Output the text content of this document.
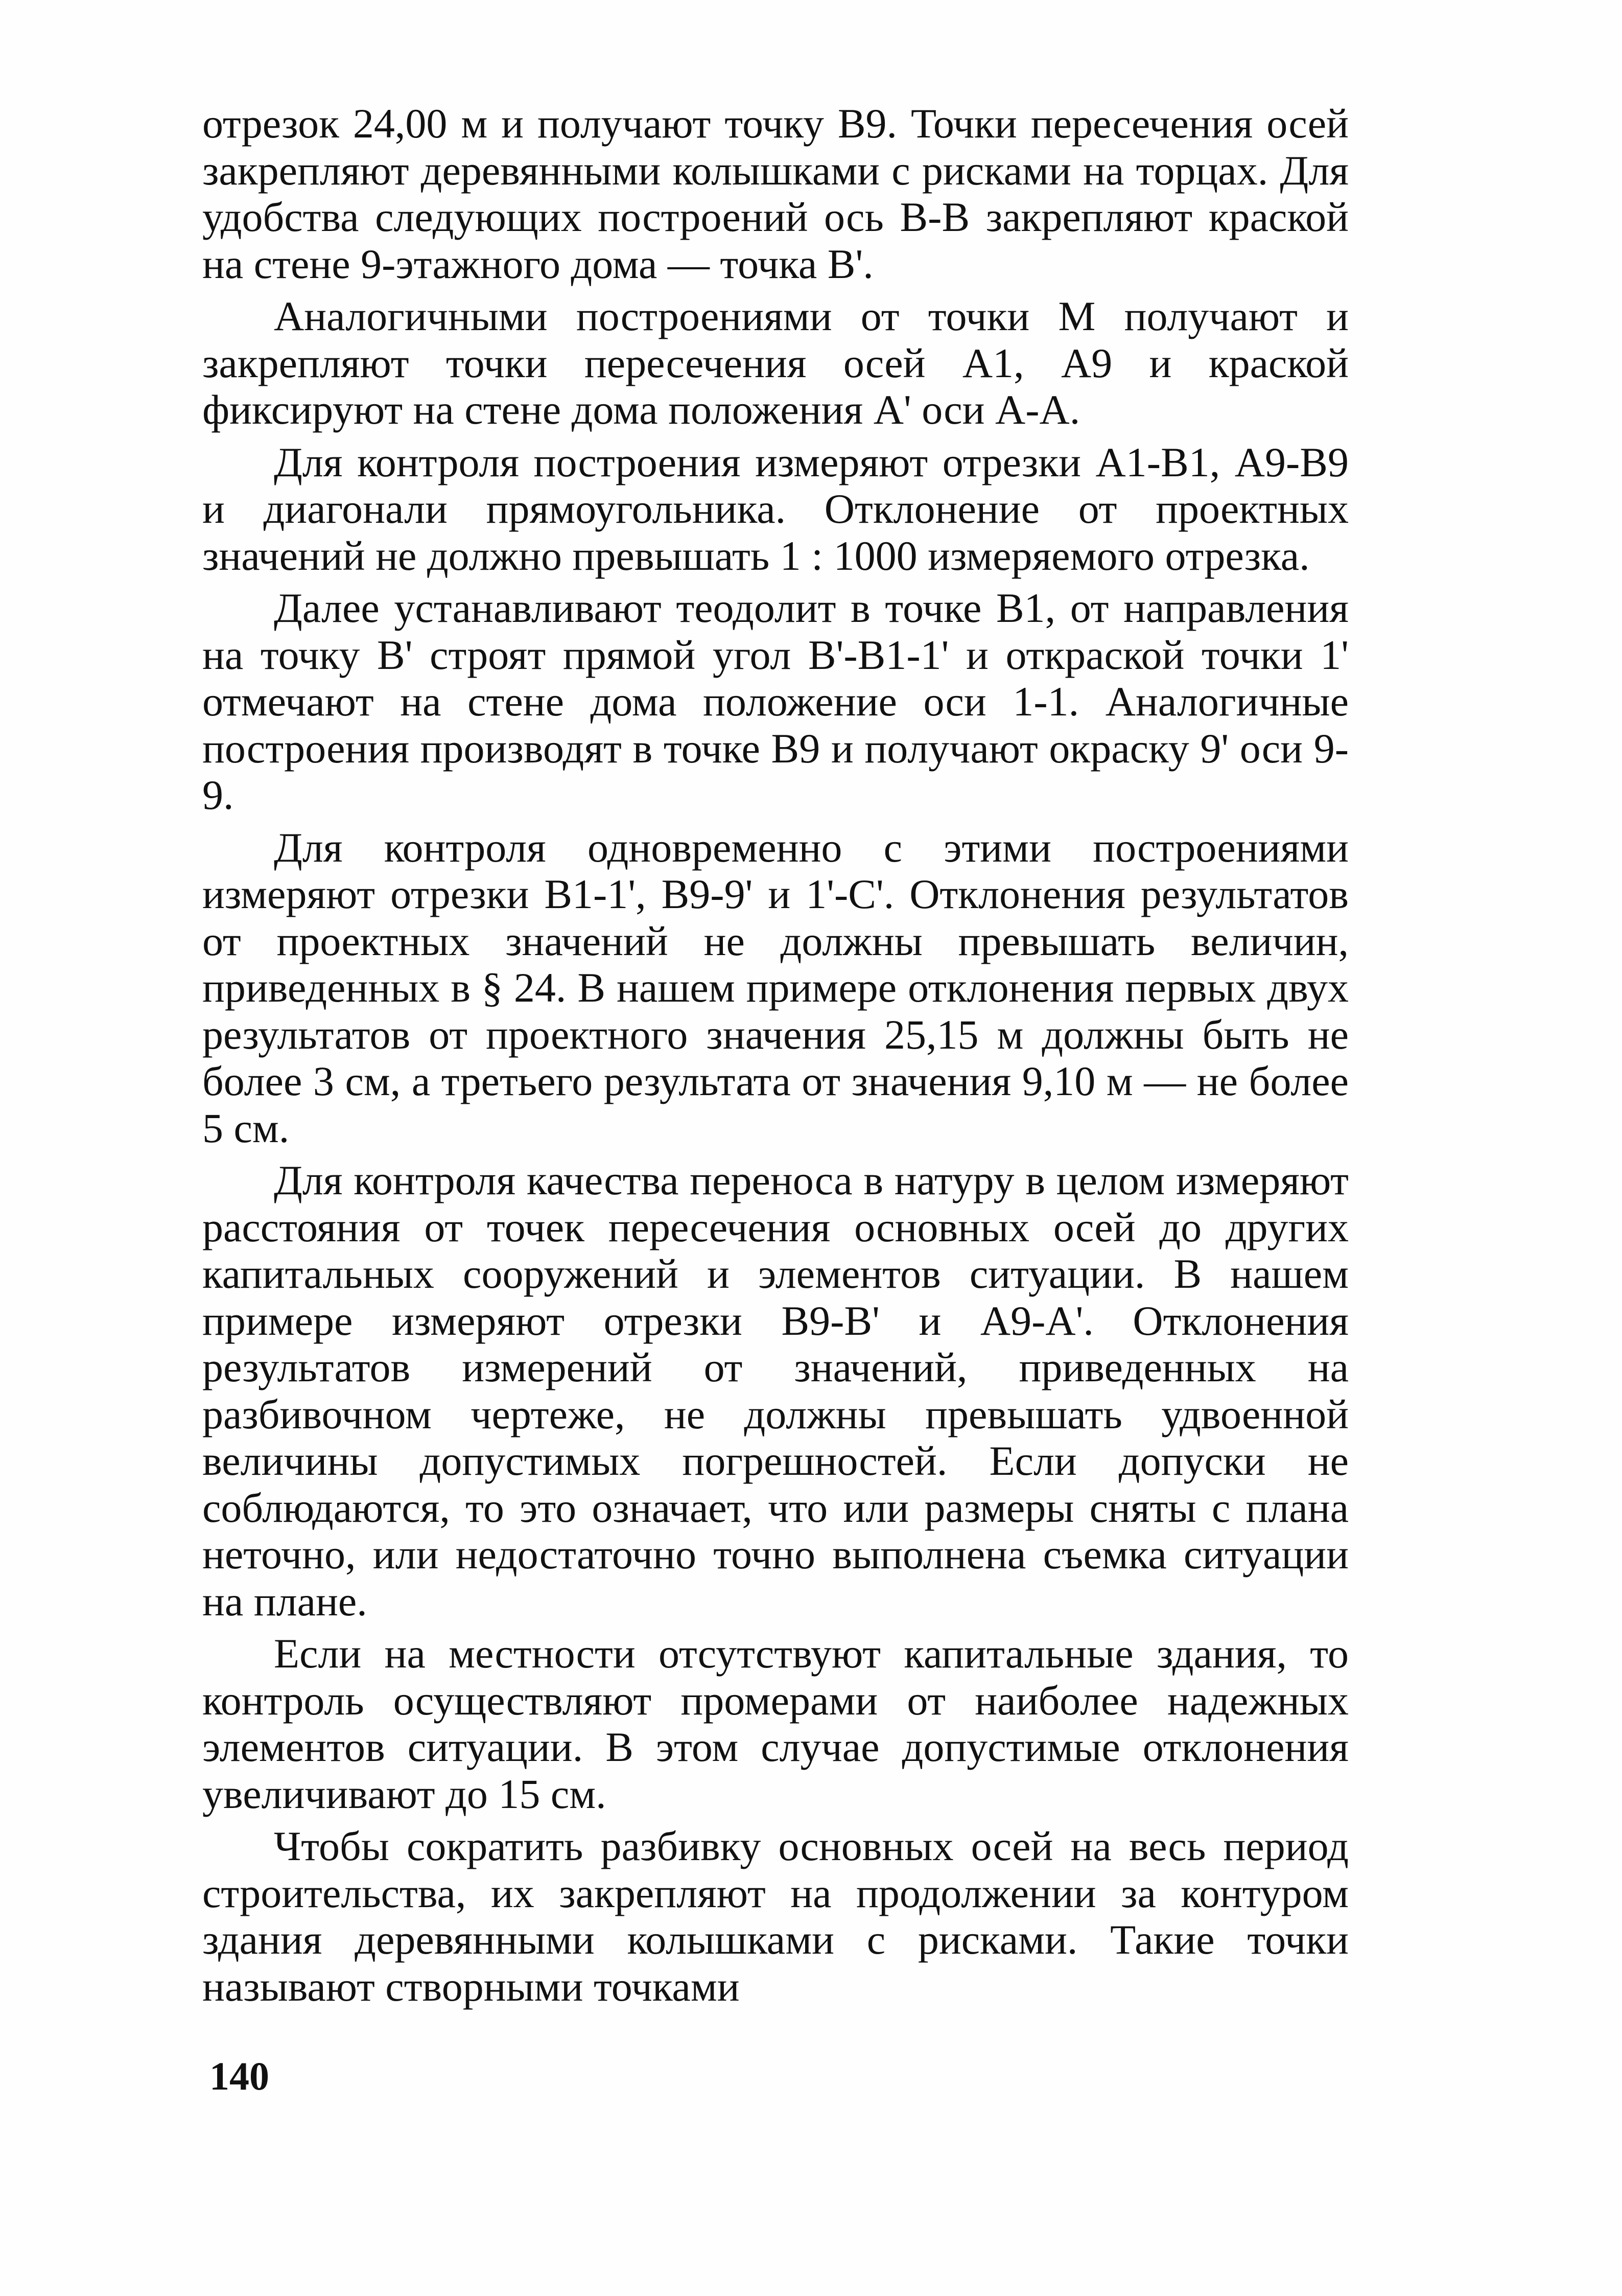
отрезок 24,00 м и получают точку В9. Точки пересечения осей закрепляют деревянными колышками с рисками на торцах. Для удобства следующих построений ось В-В закрепляют краской на стене 9-этажного дома — точка В'.

Аналогичными построениями от точки М получают и закрепляют точки пересечения осей А1, А9 и краской фиксируют на стене дома положения А' оси А-А.

Для контроля построения измеряют отрезки А1-В1, А9-В9 и диагонали прямоугольника. Отклонение от проектных значений не должно превышать 1 : 1000 измеряемого отрезка.

Далее устанавливают теодолит в точке В1, от направления на точку В' строят прямой угол В'-В1-1' и открaской точки 1' отмечают на стене дома положение оси 1-1. Аналогичные построения производят в точке В9 и получают окраску 9' оси 9-9.

Для контроля одновременно с этими построениями измеряют отрезки В1-1', В9-9' и 1'-С'. Отклонения результатов от проектных значений не должны превышать величин, приведенных в § 24. В нашем примере отклонения первых двух результатов от проектного значения 25,15 м должны быть не более 3 см, а третьего результата от значения 9,10 м — не более 5 см.

Для контроля качества переноса в натуру в целом измеряют расстояния от точек пересечения основных осей до других капитальных сооружений и элементов ситуации. В нашем примере измеряют отрезки В9-В' и А9-А'. Отклонения результатов измерений от значений, приведенных на разбивочном чертеже, не должны превышать удвоенной величины допустимых погрешностей. Если допуски не соблюдаются, то это означает, что или размеры сняты с плана неточно, или недостаточно точно выполнена съемка ситуации на плане.

Если на местности отсутствуют капитальные здания, то контроль осуществляют промерами от наиболее надежных элементов ситуации. В этом случае допустимые отклонения увеличивают до 15 см.

Чтобы сократить разбивку основных осей на весь период строительства, их закрепляют на продолжении за контуром здания деревянными колышками с рисками. Такие точки называют створными точками

140
